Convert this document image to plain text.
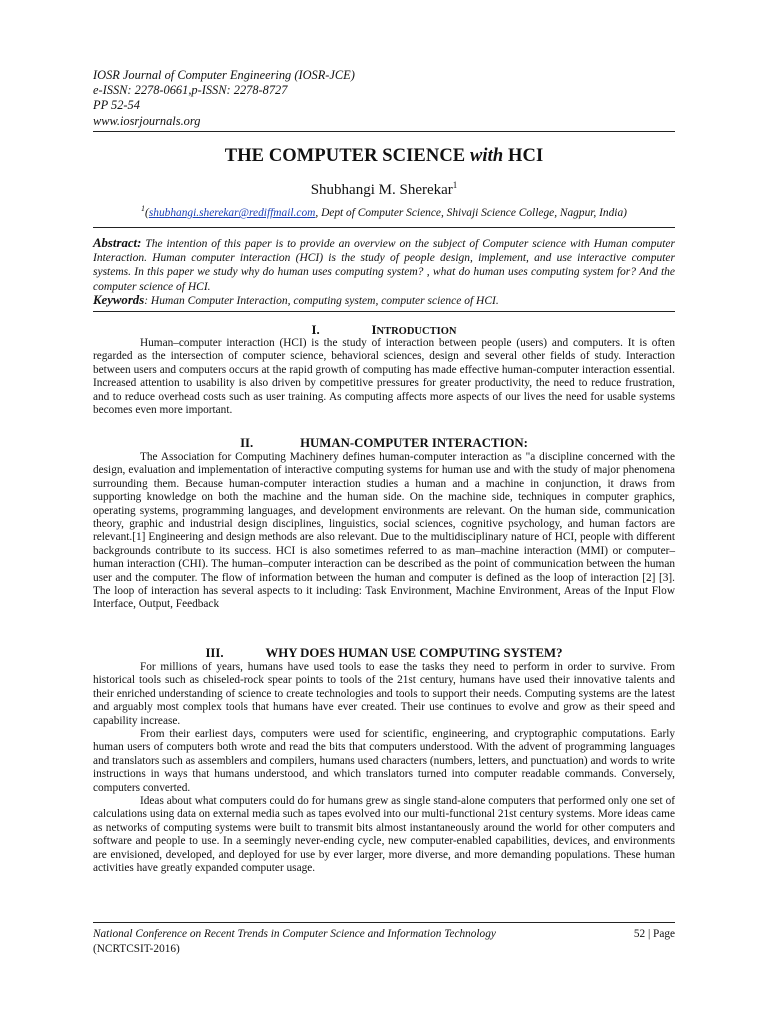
IOSR Journal of Computer Engineering (IOSR-JCE)
e-ISSN: 2278-0661,p-ISSN: 2278-8727
PP 52-54
www.iosrjournals.org
THE COMPUTER SCIENCE with HCI
Shubhangi M. Sherekar$^1$
$^1$(shubhangi.sherekar@rediffmail.com, Dept of Computer Science, Shivaji Science College, Nagpur, India)
Abstract: The intention of this paper is to provide an overview on the subject of Computer science with Human computer Interaction. Human computer interaction (HCI) is the study of people design, implement, and use interactive computer systems. In this paper we study why do human uses computing system? , what do human uses computing system for? And the computer science of HCI.
Keywords: Human Computer Interaction, computing system, computer science of HCI.
I.	INTRODUCTION

Human–computer interaction (HCI) is the study of interaction between people (users) and computers. It is often regarded as the intersection of computer science, behavioral sciences, design and several other fields of study. Interaction between users and computers occurs at the rapid growth of computing has made effective human-computer interaction essential. Increased attention to usability is also driven by competitive pressures for greater productivity, the need to reduce frustration, and to reduce overhead costs such as user training. As computing affects more aspects of our lives the need for usable systems becomes even more important.

II.	HUMAN-COMPUTER INTERACTION:

The Association for Computing Machinery defines human-computer interaction as "a discipline concerned with the design, evaluation and implementation of interactive computing systems for human use and with the study of major phenomena surrounding them. Because human-computer interaction studies a human and a machine in conjunction, it draws from supporting knowledge on both the machine and the human side. On the machine side, techniques in computer graphics, operating systems, programming languages, and development environments are relevant. On the human side, communication theory, graphic and industrial design disciplines, linguistics, social sciences, cognitive psychology, and human factors are relevant.[1] Engineering and design methods are also relevant. Due to the multidisciplinary nature of HCI, people with different backgrounds contribute to its success. HCI is also sometimes referred to as man–machine interaction (MMI) or computer–human interaction (CHI). The human–computer interaction can be described as the point of communication between the human user and the computer. The flow of information between the human and computer is defined as the loop of interaction [2] [3]. The loop of interaction has several aspects to it including: Task Environment, Machine Environment, Areas of the Input Flow Interface, Output, Feedback

III.	WHY DOES HUMAN USE COMPUTING SYSTEM?

For millions of years, humans have used tools to ease the tasks they need to perform in order to survive. From historical tools such as chiseled-rock spear points to tools of the 21st century, humans have used their innovative talents and their enriched understanding of science to create technologies and tools to support their needs. Computing systems are the latest and arguably most complex tools that humans have ever created. Their use continues to evolve and grow as their speed and capability increase.

From their earliest days, computers were used for scientific, engineering, and cryptographic computations. Early human users of computers both wrote and read the bits that computers understood. With the advent of programming languages and translators such as assemblers and compilers, humans used characters (numbers, letters, and punctuation) and words to write instructions in ways that humans understood, and which translators turned into computer readable commands. Conversely, computers converted.

Ideas about what computers could do for humans grew as single stand-alone computers that performed only one set of calculations using data on external media such as tapes evolved into our multi-functional 21st century systems. More ideas came as networks of computing systems were built to transmit bits almost instantaneously around the world for other computers and software and people to use. In a seemingly never-ending cycle, new computer-enabled capabilities, devices, and environments are envisioned, developed, and deployed for use by ever larger, more diverse, and more demanding populations. These human activities have greatly expanded computer usage.

National Conference on Recent Trends in Computer Science and Information Technology	52 | Page
(NCRTCSIT-2016)
